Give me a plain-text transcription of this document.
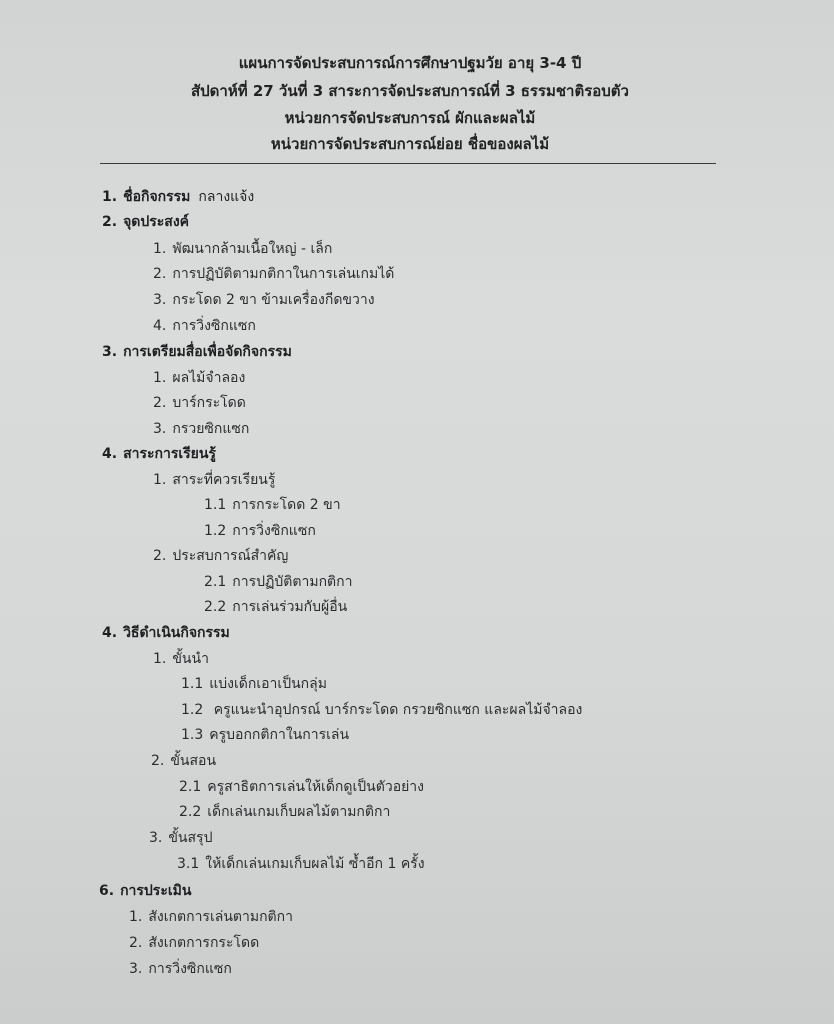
แผนการจัดประสบการณ์การศึกษาปฐมวัย อายุ 3-4 ปี
สัปดาห์ที่ 27 วันที่ 3 สาระการจัดประสบการณ์ที่ 3 ธรรมชาติรอบตัว
หน่วยการจัดประสบการณ์ ผักและผลไม้
หน่วยการจัดประสบการณ์ย่อย ชื่อของผลไม้
1. ชื่อกิจกรรม กลางแจ้ง
2. จุดประสงค์
1. พัฒนากล้ามเนื้อใหญ่ - เล็ก
2. การปฏิบัติตามกติกาในการเล่นเกมได้
3. กระโดด 2 ขา ข้ามเครื่องกีดขวาง
4. การวิ่งซิกแซก
3. การเตรียมสื่อเพื่อจัดกิจกรรม
1. ผลไม้จำลอง
2. บาร์กระโดด
3. กรวยซิกแซก
4. สาระการเรียนรู้
1. สาระที่ควรเรียนรู้
1.1 การกระโดด 2 ขา
1.2 การวิ่งซิกแซก
2. ประสบการณ์สำคัญ
2.1 การปฏิบัติตามกติกา
2.2 การเล่นร่วมกับผู้อื่น
4. วิธีดำเนินกิจกรรม
1. ขั้นนำ
1.1 แบ่งเด็กเอาเป็นกลุ่ม
1.2 ครูแนะนำอุปกรณ์ บาร์กระโดด กรวยซิกแซก และผลไม้จำลอง
1.3 ครูบอกกติกาในการเล่น
2. ขั้นสอน
2.1 ครูสาธิตการเล่นให้เด็กดูเป็นตัวอย่าง
2.2 เด็กเล่นเกมเก็บผลไม้ตามกติกา
3. ขั้นสรุป
3.1 ให้เด็กเล่นเกมเก็บผลไม้ ซ้ำอีก 1 ครั้ง
6. การประเมิน
1. สังเกตการเล่นตามกติกา
2. สังเกตการกระโดด
3. การวิ่งซิกแซก
